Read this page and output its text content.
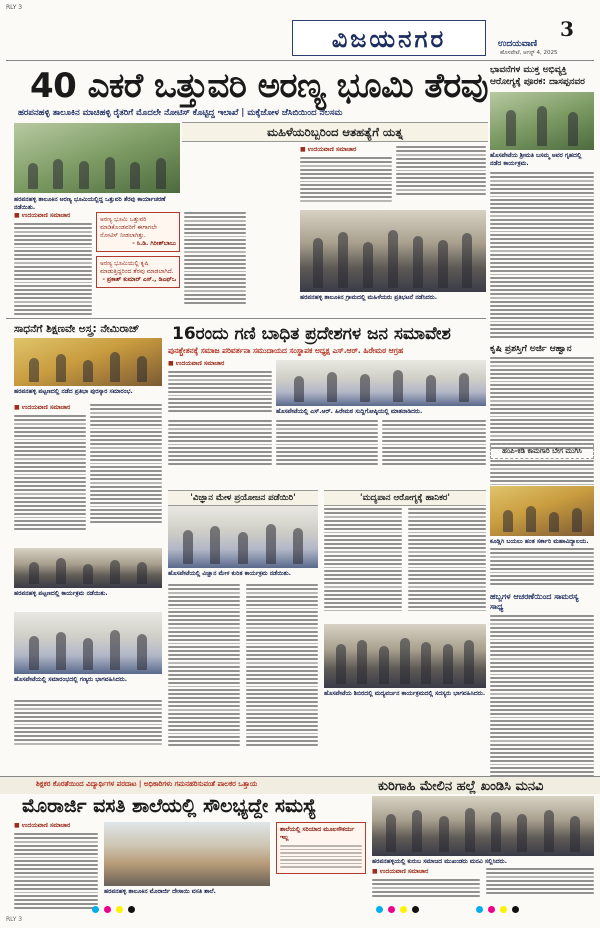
RLY 3
ವಿಜಯನಗರ	3
ಉದಯವಾಣಿ
ಹೊಸಪೇಟೆ, ಆಗಸ್ಟ್ 4, 2025
40 ಎಕರೆ ಒತ್ತುವರಿ ಅರಣ್ಯ ಭೂಮಿ ತೆರವು
ಹರಪನಹಳ್ಳಿ ತಾಲೂಕಿನ ಮಾಚಿಹಳ್ಳಿ ರೈತರಿಗೆ ಮೊದಲೇ ನೋಟಿಸ್ ಕೊಟ್ಟಿದ್ದ ಇಲಾಖೆ | ಮಕ್ಕೆಜೋಳ ಜೆಸಿಬಿಯಿಂದ ನೆಲಸಮ
ಹರಪನಹಳ್ಳಿ ತಾಲೂಕಿನ ಅರಣ್ಯ ಭೂಮಿಯಲ್ಲಿದ್ದ ಒತ್ತುವರಿ ತೆರವು ಕಾರ್ಯಾಚರಣೆ ನಡೆಯಿತು.
ಮಹಿಳೆಯರಿಬ್ಬರಿಂದ ಆತಹತ್ಯೆಗೆ ಯತ್ನ
■ ಉದಯವಾಣಿ ಸಮಾಚಾರ
ಅರಣ್ಯ ಭೂಮಿ ಒತ್ತುವರಿ ಮಾಡಿಕೊಂಡವರಿಗೆ ಈಗಾಗಲೇ ನೋಟಿಸ್ ನೀಡಲಾಗಿತ್ತು.
- ಸಿ.ಡಿ. ಗಿರೀಶ್‌ಬಾಬು
ಅರಣ್ಯ ಭೂಮಿಯಲ್ಲಿ ಕೃಷಿ ಮಾಡುತ್ತಿದ್ದರಿಂದ ತೆರವು ಮಾಡಲಾಗಿದೆ.
- ಪ್ರಕಾಶ್ ಕುಮಾರ್ ಎಸ್., ಡಿಎಫ್‌ಒ
■ ಉದಯವಾಣಿ ಸಮಾಚಾರ
ಹರಪನಹಳ್ಳಿ ತಾಲೂಕಿನ ಗ್ರಾಮದಲ್ಲಿ ಮಹಿಳೆಯರು ಪ್ರತಿಭಟನೆ ನಡೆಸಿದರು.
ಭಾವನೆಗಳ ಮುಕ್ತ ಅಭಿವ್ಯಕ್ತಿ ಆರೋಗ್ಯಕ್ಕೆ ಪೂರಕ: ದಾಸಪ್ಪನವರ
ಹೊಸಪೇಟೆಯ ಶ್ರೀಮತಿ ಬಸಮ್ಮ ಅವರ ಗೃಹದಲ್ಲಿ ನಡೆದ ಕಾರ್ಯಕ್ರಮ.
ಕೃಷಿ ಪ್ರಶಸ್ತಿಗೆ ಅರ್ಜಿ ಆಹ್ವಾನ
ಹಂಪಿ-ಕಡಿ ಕಾಮಗಾರಿ ಬೇಗ ಮುಗಿಸಿ
ಕೂಡ್ಲಿಗಿ ಬಯಲು ಹಂತ ಸರ್ಕಾರಿ ಮಹಾವಿದ್ಯಾಲಯ.
ಹಬ್ಬಗಳ ಆಚರಣೆಯಿಂದ ಸಾಮರಸ್ಯ ಸಾಧ್ಯ
ಸಾಧನೆಗೆ ಶಿಕ್ಷಣವೇ ಅಸ್ತ್ರ: ನೇಮಿರಾಜ್
ಹರಪನಹಳ್ಳಿ ಪಟ್ಟಣದಲ್ಲಿ ನಡೆದ ಪ್ರತಿಭಾ ಪುರಸ್ಕಾರ ಸಮಾರಂಭ.
■ ಉದಯವಾಣಿ ಸಮಾಚಾರ
ಹರಪನಹಳ್ಳಿ ಪಟ್ಟಣದಲ್ಲಿ ಕಾರ್ಯಕ್ರಮ ನಡೆಯಿತು.
ಹೊಸಪೇಟೆಯಲ್ಲಿ ಸಮಾರಂಭದಲ್ಲಿ ಗಣ್ಯರು ಭಾಗವಹಿಸಿದರು.
16ರಂದು ಗಣಿ ಬಾಧಿತ ಪ್ರದೇಶಗಳ ಜನ ಸಮಾವೇಶ
ಪುನಶ್ಚೇತನಕ್ಕೆ ಸಮಾಜ ಪರಿವರ್ತನಾ ಸಮುದಾಯದ ಸಂಸ್ಥಾಪಕ ಅಧ್ಯಕ್ಷ ಎಸ್.ಆರ್. ಹಿರೇಮಠ ಆಗ್ರಹ
■ ಉದಯವಾಣಿ ಸಮಾಚಾರ
ಹೊಸಪೇಟೆಯಲ್ಲಿ ಎಸ್.ಆರ್. ಹಿರೇಮಠ ಸುದ್ದಿಗೋಷ್ಠಿಯಲ್ಲಿ ಮಾತನಾಡಿದರು.
'ವಿಜ್ಞಾನ ಮೇಳ ಪ್ರಯೋಜನ ಪಡೆಯಿರಿ'
ಹೊಸಪೇಟೆಯಲ್ಲಿ ವಿಜ್ಞಾನ ಮೇಳ ಕುರಿತ ಕಾರ್ಯಕ್ರಮ ನಡೆಯಿತು.
'ಮದ್ಯಪಾನ ಆರೋಗ್ಯಕ್ಕೆ ಹಾನಿಕರ'
ಹೊಸಪೇಟೆಯ ಶಿಬಿರದಲ್ಲಿ ಮದ್ಯವರ್ಜನ ಕಾರ್ಯಕ್ರಮದಲ್ಲಿ ಸದಸ್ಯರು ಭಾಗವಹಿಸಿದರು.
ಶಿಕ್ಷಕರ ಕೊರತೆಯಿಂದ ವಿದ್ಯಾರ್ಥಿಗಳ ಪರದಾಟ | ಅಧಿಕಾರಿಗಳು ಗಮನಹರಿಸುವಂತೆ ಪಾಲಕರ ಒತ್ತಾಯ
ಮೊರಾರ್ಜಿ ವಸತಿ ಶಾಲೆಯಲ್ಲಿ ಸೌಲಭ್ಯದ್ದೇ ಸಮಸ್ಯೆ
■ ಉದಯವಾಣಿ ಸಮಾಚಾರ
ಹರಪನಹಳ್ಳಿ ತಾಲೂಕಿನ ಮೊರಾರ್ಜಿ ದೇಸಾಯಿ ವಸತಿ ಶಾಲೆ.
ಶಾಲೆಯಲ್ಲಿ ಸರಿಯಾದ ಮೂಲಸೌಕರ್ಯ ಇಲ್ಲ
ಕುರಿಗಾಹಿ ಮೇಲಿನ ಹಲ್ಲೆ ಖಂಡಿಸಿ ಮನವಿ
ಹರಪನಹಳ್ಳಿಯಲ್ಲಿ ಕುರುಬ ಸಮಾಜದ ಮುಖಂಡರು ಮನವಿ ಸಲ್ಲಿಸಿದರು.
■ ಉದಯವಾಣಿ ಸಮಾಚಾರ
RLY 3
